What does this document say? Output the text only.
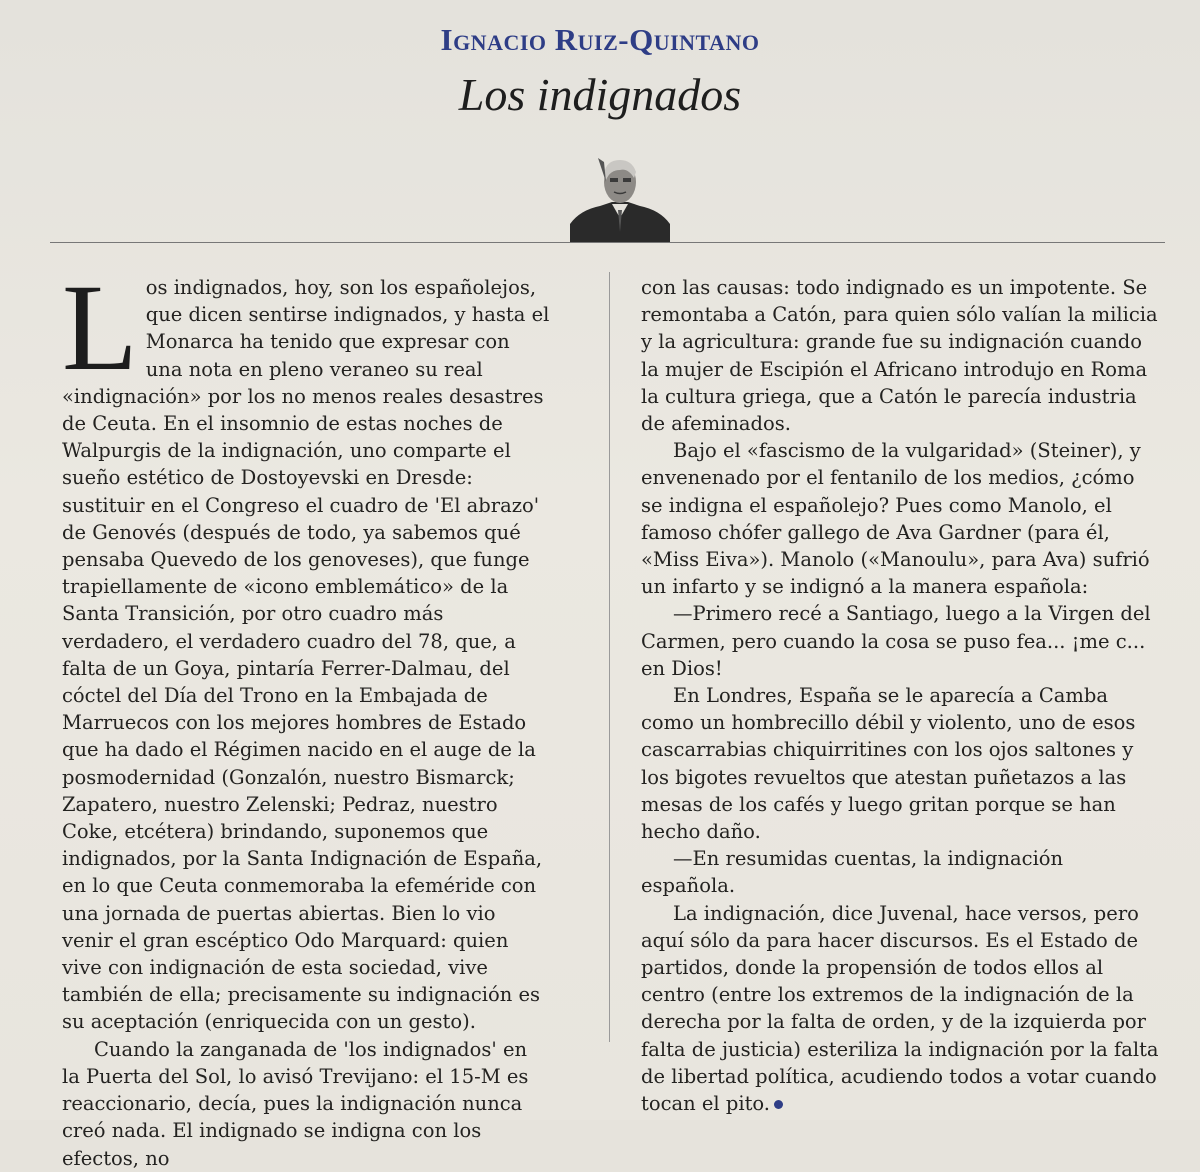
Ignacio Ruiz-Quintano
Los indignados

Los indignados, hoy, son los españolejos, que dicen sentirse indignados, y hasta el Monarca ha tenido que expresar con una nota en pleno veraneo su real «indignación» por los no menos reales desastres de Ceuta. En el insomnio de estas noches de Walpurgis de la indignación, uno comparte el sueño estético de Dostoyevski en Dresde: sustituir en el Congreso el cuadro de 'El abrazo' de Genovés (después de todo, ya sabemos qué pensaba Quevedo de los genoveses), que funge trapiellamente de «icono emblemático» de la Santa Transición, por otro cuadro más verdadero, el verdadero cuadro del 78, que, a falta de un Goya, pintaría Ferrer-Dalmau, del cóctel del Día del Trono en la Embajada de Marruecos con los mejores hombres de Estado que ha dado el Régimen nacido en el auge de la posmodernidad (Gonzalón, nuestro Bismarck; Zapatero, nuestro Zelenski; Pedraz, nuestro Coke, etcétera) brindando, suponemos que indignados, por la Santa Indignación de España, en lo que Ceuta conmemoraba la efeméride con una jornada de puertas abiertas. Bien lo vio venir el gran escéptico Odo Marquard: quien vive con indignación de esta sociedad, vive también de ella; precisamente su indignación es su aceptación (enriquecida con un gesto).

Cuando la zanganada de 'los indignados' en la Puerta del Sol, lo avisó Trevijano: el 15-M es reaccionario, decía, pues la indignación nunca creó nada. El indignado se indigna con los efectos, no

con las causas: todo indignado es un impotente. Se remontaba a Catón, para quien sólo valían la milicia y la agricultura: grande fue su indignación cuando la mujer de Escipión el Africano introdujo en Roma la cultura griega, que a Catón le parecía industria de afeminados.

Bajo el «fascismo de la vulgaridad» (Steiner), y envenenado por el fentanilo de los medios, ¿cómo se indigna el españolejo? Pues como Manolo, el famoso chófer gallego de Ava Gardner (para él, «Miss Eiva»). Manolo («Manoulu», para Ava) sufrió un infarto y se indignó a la manera española:

—Primero recé a Santiago, luego a la Virgen del Carmen, pero cuando la cosa se puso fea... ¡me c... en Dios!

En Londres, España se le aparecía a Camba como un hombrecillo débil y violento, uno de esos cascarrabias chiquirritines con los ojos saltones y los bigotes revueltos que atestan puñetazos a las mesas de los cafés y luego gritan porque se han hecho daño.

—En resumidas cuentas, la indignación española.

La indignación, dice Juvenal, hace versos, pero aquí sólo da para hacer discursos. Es el Estado de partidos, donde la propensión de todos ellos al centro (entre los extremos de la indignación de la derecha por la falta de orden, y de la izquierda por falta de justicia) esteriliza la indignación por la falta de libertad política, acudiendo todos a votar cuando tocan el pito.
